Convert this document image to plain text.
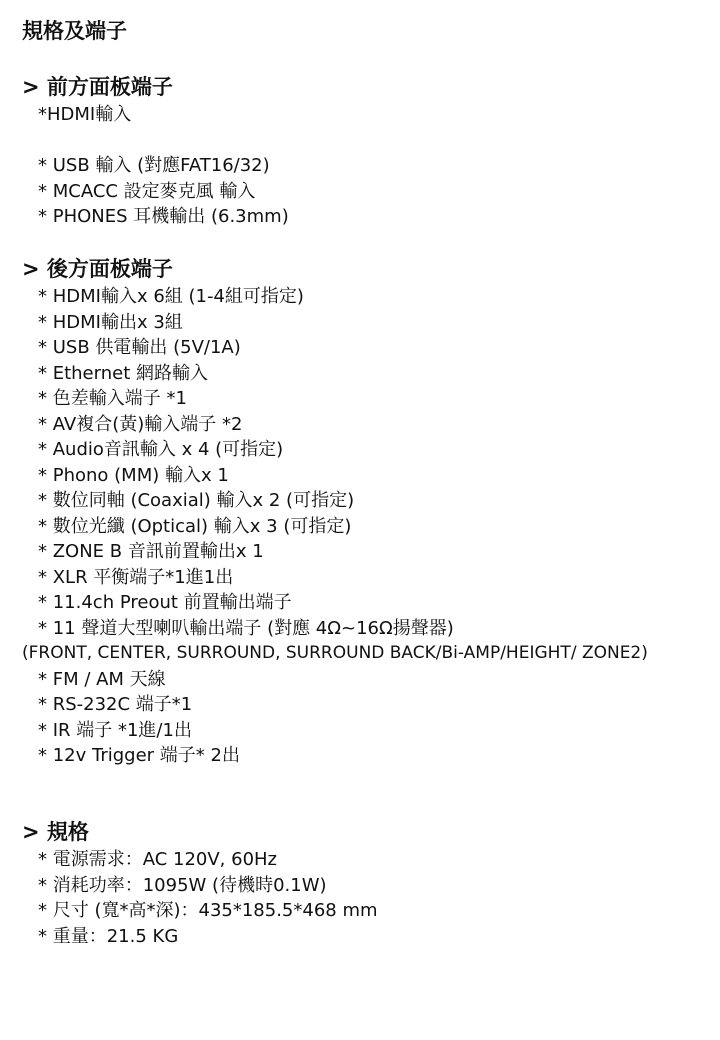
規格及端子
> 前方面板端子
*HDMI輸入
* USB 輸入 (對應FAT16/32)
* MCACC 設定麥克風 輸入
* PHONES 耳機輸出 (6.3mm)
> 後方面板端子
* HDMI輸入x 6組 (1-4組可指定)
* HDMI輸出x 3組
* USB 供電輸出 (5V/1A)
* Ethernet 網路輸入
* 色差輸入端子 *1
* AV複合(黃)輸入端子 *2
* Audio音訊輸入 x 4 (可指定)
* Phono (MM) 輸入x 1
* 數位同軸 (Coaxial) 輸入x 2 (可指定)
* 數位光纖 (Optical) 輸入x 3 (可指定)
* ZONE B 音訊前置輸出x 1
* XLR 平衡端子*1進1出
* 11.4ch Preout 前置輸出端子
* 11 聲道大型喇叭輸出端子 (對應 4Ω~16Ω揚聲器)
(FRONT, CENTER, SURROUND, SURROUND BACK/Bi-AMP/HEIGHT/ ZONE2)
* FM / AM 天線
* RS-232C 端子*1
* IR 端子 *1進/1出
* 12v Trigger 端子* 2出
> 規格
* 電源需求：AC 120V, 60Hz
* 消耗功率：1095W (待機時0.1W)
* 尺寸 (寬*高*深)：435*185.5*468 mm
* 重量：21.5 KG
